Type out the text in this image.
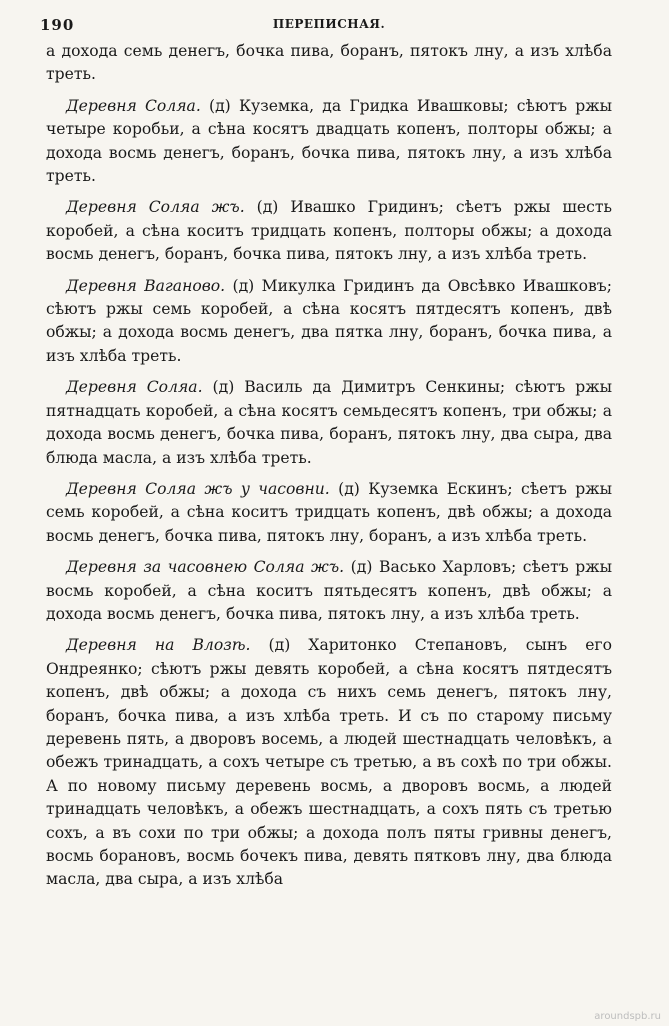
190	ПЕРЕПИСНАЯ.

а дохода семь денегъ, бочка пива, боранъ, пятокъ лну, а изъ хлѣба треть.

Деревня Соляа. (д) Куземка, да Гридка Ивашковы; сѣютъ ржы четыре коробьи, а сѣна косятъ двадцать копенъ, полторы обжы; а дохода восмь денегъ, боранъ, бочка пива, пятокъ лну, а изъ хлѣба треть.

Деревня Соляа жъ. (д) Ивашко Гридинъ; сѣетъ ржы шесть коробей, а сѣна коситъ тридцать копенъ, полторы обжы; а дохода восмь денегъ, боранъ, бочка пива, пятокъ лну, а изъ хлѣба треть.

Деревня Ваганово. (д) Микулка Гридинъ да Овсѣвко Ивашковъ; сѣютъ ржы семь коробей, а сѣна косятъ пятдесятъ копенъ, двѣ обжы; а дохода восмь денегъ, два пятка лну, боранъ, бочка пива, а изъ хлѣба треть.

Деревня Соляа. (д) Василь да Димитръ Сенкины; сѣютъ ржы пятнадцать коробей, а сѣна косятъ семьдесятъ копенъ, три обжы; а дохода восмь денегъ, бочка пива, боранъ, пятокъ лну, два сыра, два блюда масла, а изъ хлѣба треть.

Деревня Соляа жъ у часовни. (д) Куземка Ескинъ; сѣетъ ржы семь коробей, а сѣна коситъ тридцать копенъ, двѣ обжы; а дохода восмь денегъ, бочка пива, пятокъ лну, боранъ, а изъ хлѣба треть.

Деревня за часовнею Соляа жъ. (д) Васько Харловъ; сѣетъ ржы восмь коробей, а сѣна коситъ пятьдесятъ копенъ, двѣ обжы; а дохода восмь денегъ, бочка пива, пятокъ лну, а изъ хлѣба треть.

Деревня на Влозѣ. (д) Харитонко Степановъ, сынъ его Ондреянко; сѣютъ ржы девять коробей, а сѣна косятъ пятдесятъ копенъ, двѣ обжы; а дохода съ нихъ семь денегъ, пятокъ лну, боранъ, бочка пива, а изъ хлѣба треть. И съ по старому письму деревень пять, а дворовъ восемь, а людей шестнадцать человѣкъ, а обежъ тринадцать, а сохъ четыре съ третью, а въ сохѣ по три обжы. А по новому письму деревень восмь, а дворовъ восмь, а людей тринадцать человѣкъ, а обежъ шестнадцать, а сохъ пять съ третью сохъ, а въ сохи по три обжы; а дохода полъ пяты гривны денегъ, восмь борановъ, восмь бочекъ пива, девять пятковъ лну, два блюда масла, два сыра, а изъ хлѣба

aroundspb.ru
